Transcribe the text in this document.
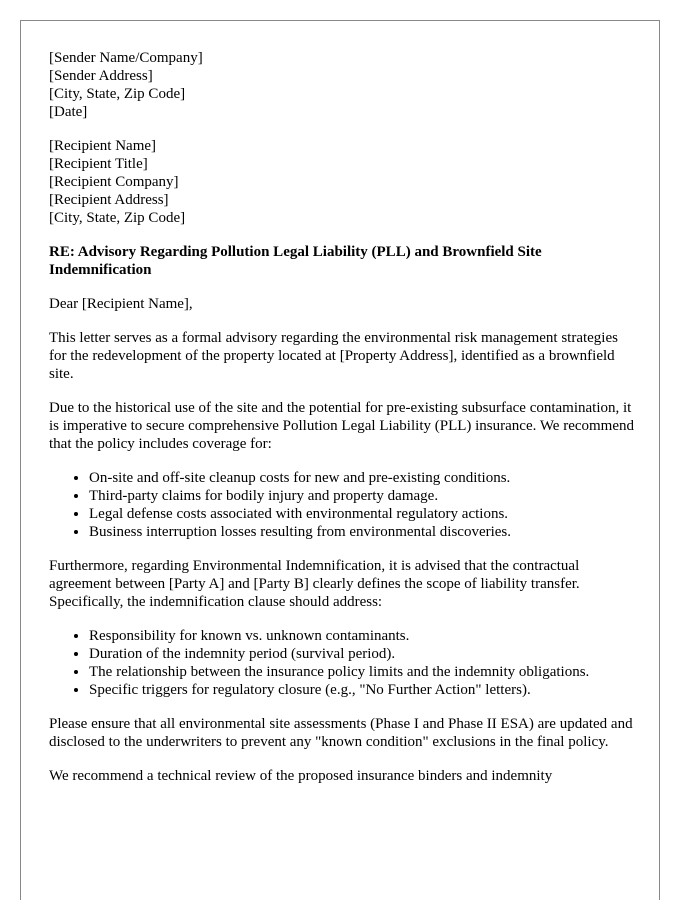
[Sender Name/Company]
[Sender Address]
[City, State, Zip Code]
[Date]
[Recipient Name]
[Recipient Title]
[Recipient Company]
[Recipient Address]
[City, State, Zip Code]

RE: Advisory Regarding Pollution Legal Liability (PLL) and Brownfield Site Indemnification

Dear [Recipient Name],

This letter serves as a formal advisory regarding the environmental risk management strategies for the redevelopment of the property located at [Property Address], identified as a brownfield site.

Due to the historical use of the site and the potential for pre-existing subsurface contamination, it is imperative to secure comprehensive Pollution Legal Liability (PLL) insurance. We recommend that the policy includes coverage for:

• On-site and off-site cleanup costs for new and pre-existing conditions.
• Third-party claims for bodily injury and property damage.
• Legal defense costs associated with environmental regulatory actions.
• Business interruption losses resulting from environmental discoveries.

Furthermore, regarding Environmental Indemnification, it is advised that the contractual agreement between [Party A] and [Party B] clearly defines the scope of liability transfer. Specifically, the indemnification clause should address:

• Responsibility for known vs. unknown contaminants.
• Duration of the indemnity period (survival period).
• The relationship between the insurance policy limits and the indemnity obligations.
• Specific triggers for regulatory closure (e.g., "No Further Action" letters).

Please ensure that all environmental site assessments (Phase I and Phase II ESA) are updated and disclosed to the underwriters to prevent any "known condition" exclusions in the final policy.

We recommend a technical review of the proposed insurance binders and indemnity
